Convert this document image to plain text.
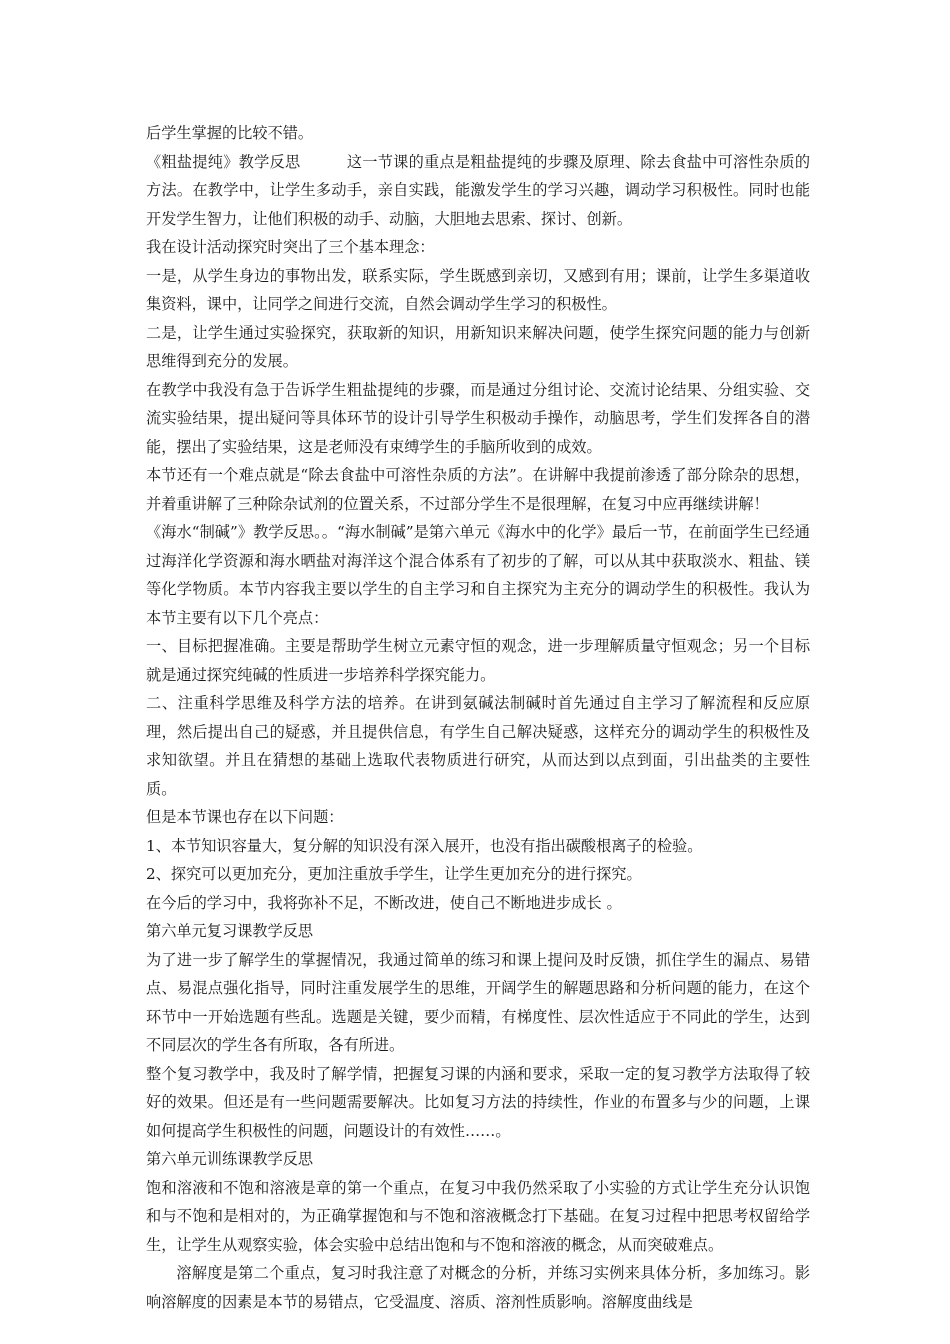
后学生掌握的比较不错。

《粗盐提纯》教学反思　　　这一节课的重点是粗盐提纯的步骤及原理、除去食盐中可溶性杂质的方法。在教学中，让学生多动手，亲自实践，能激发学生的学习兴趣，调动学习积极性。同时也能开发学生智力，让他们积极的动手、动脑，大胆地去思索、探讨、创新。

我在设计活动探究时突出了三个基本理念：

一是，从学生身边的事物出发，联系实际，学生既感到亲切，又感到有用；课前，让学生多渠道收集资料，课中，让同学之间进行交流，自然会调动学生学习的积极性。

二是，让学生通过实验探究，获取新的知识，用新知识来解决问题，使学生探究问题的能力与创新思维得到充分的发展。

在教学中我没有急于告诉学生粗盐提纯的步骤，而是通过分组讨论、交流讨论结果、分组实验、交流实验结果，提出疑问等具体环节的设计引导学生积极动手操作，动脑思考，学生们发挥各自的潜能，摆出了实验结果，这是老师没有束缚学生的手脑所收到的成效。

本节还有一个难点就是“除去食盐中可溶性杂质的方法”。在讲解中我提前渗透了部分除杂的思想，并着重讲解了三种除杂试剂的位置关系，不过部分学生不是很理解，在复习中应再继续讲解！

《海水“制碱”》教学反思。。“海水制碱”是第六单元《海水中的化学》最后一节，在前面学生已经通过海洋化学资源和海水晒盐对海洋这个混合体系有了初步的了解，可以从其中获取淡水、粗盐、镁等化学物质。本节内容我主要以学生的自主学习和自主探究为主充分的调动学生的积极性。我认为本节主要有以下几个亮点：

一、目标把握准确。主要是帮助学生树立元素守恒的观念，进一步理解质量守恒观念；另一个目标就是通过探究纯碱的性质进一步培养科学探究能力。

二、注重科学思维及科学方法的培养。在讲到氨碱法制碱时首先通过自主学习了解流程和反应原理，然后提出自己的疑惑，并且提供信息，有学生自己解决疑惑，这样充分的调动学生的积极性及求知欲望。并且在猜想的基础上选取代表物质进行研究，从而达到以点到面，引出盐类的主要性质。

但是本节课也存在以下问题：

1、本节知识容量大，复分解的知识没有深入展开，也没有指出碳酸根离子的检验。

2、探究可以更加充分，更加注重放手学生，让学生更加充分的进行探究。

在今后的学习中，我将弥补不足，不断改进，使自己不断地进步成长 。

第六单元复习课教学反思

为了进一步了解学生的掌握情况，我通过简单的练习和课上提问及时反馈，抓住学生的漏点、易错点、易混点强化指导，同时注重发展学生的思维，开阔学生的解题思路和分析问题的能力，在这个环节中一开始选题有些乱。选题是关键，要少而精，有梯度性、层次性适应于不同此的学生，达到不同层次的学生各有所取，各有所进。

整个复习教学中，我及时了解学情，把握复习课的内涵和要求，采取一定的复习教学方法取得了较好的效果。但还是有一些问题需要解决。比如复习方法的持续性，作业的布置多与少的问题，上课如何提高学生积极性的问题，问题设计的有效性……。

第六单元训练课教学反思

饱和溶液和不饱和溶液是章的第一个重点，在复习中我仍然采取了小实验的方式让学生充分认识饱和与不饱和是相对的，为正确掌握饱和与不饱和溶液概念打下基础。在复习过程中把思考权留给学生，让学生从观察实验，体会实验中总结出饱和与不饱和溶液的概念，从而突破难点。

溶解度是第二个重点，复习时我注意了对概念的分析，并练习实例来具体分析，多加练习。影响溶解度的因素是本节的易错点，它受温度、溶质、溶剂性质影响。溶解度曲线是
